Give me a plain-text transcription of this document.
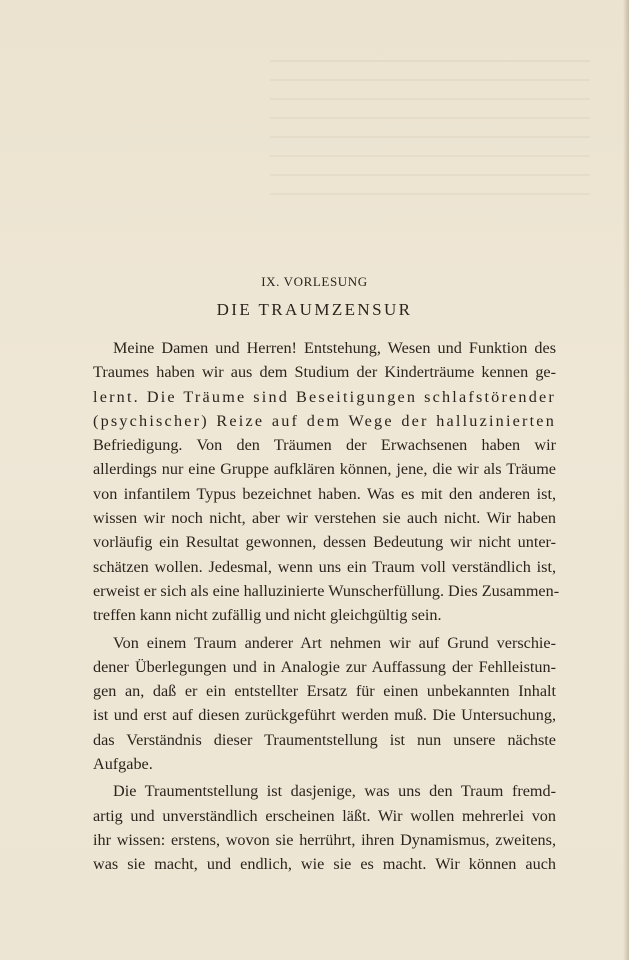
IX. VORLESUNG
DIE TRAUMZENSUR
Meine Damen und Herren! Entstehung, Wesen und Funktion des
Traumes haben wir aus dem Studium der Kinderträume kennen ge-
lernt. Die Träume sind Beseitigungen schlafstörender
(psychischer) Reize auf dem Wege der halluzinierten
Befriedigung. Von den Träumen der Erwachsenen haben wir
allerdings nur eine Gruppe aufklären können, jene, die wir als Träume
von infantilem Typus bezeichnet haben. Was es mit den anderen ist,
wissen wir noch nicht, aber wir verstehen sie auch nicht. Wir haben
vorläufig ein Resultat gewonnen, dessen Bedeutung wir nicht unter-
schätzen wollen. Jedesmal, wenn uns ein Traum voll verständlich ist,
erweist er sich als eine halluzinierte Wunscherfüllung. Dies Zusammen-
treffen kann nicht zufällig und nicht gleichgültig sein.
Von einem Traum anderer Art nehmen wir auf Grund verschie-
dener Überlegungen und in Analogie zur Auffassung der Fehlleistun-
gen an, daß er ein entstellter Ersatz für einen unbekannten Inhalt
ist und erst auf diesen zurückgeführt werden muß. Die Untersuchung,
das Verständnis dieser Traumentstellung ist nun unsere nächste
Aufgabe.
Die Traumentstellung ist dasjenige, was uns den Traum fremd-
artig und unverständlich erscheinen läßt. Wir wollen mehrerlei von
ihr wissen: erstens, wovon sie herrührt, ihren Dynamismus, zweitens,
was sie macht, und endlich, wie sie es macht. Wir können auch
